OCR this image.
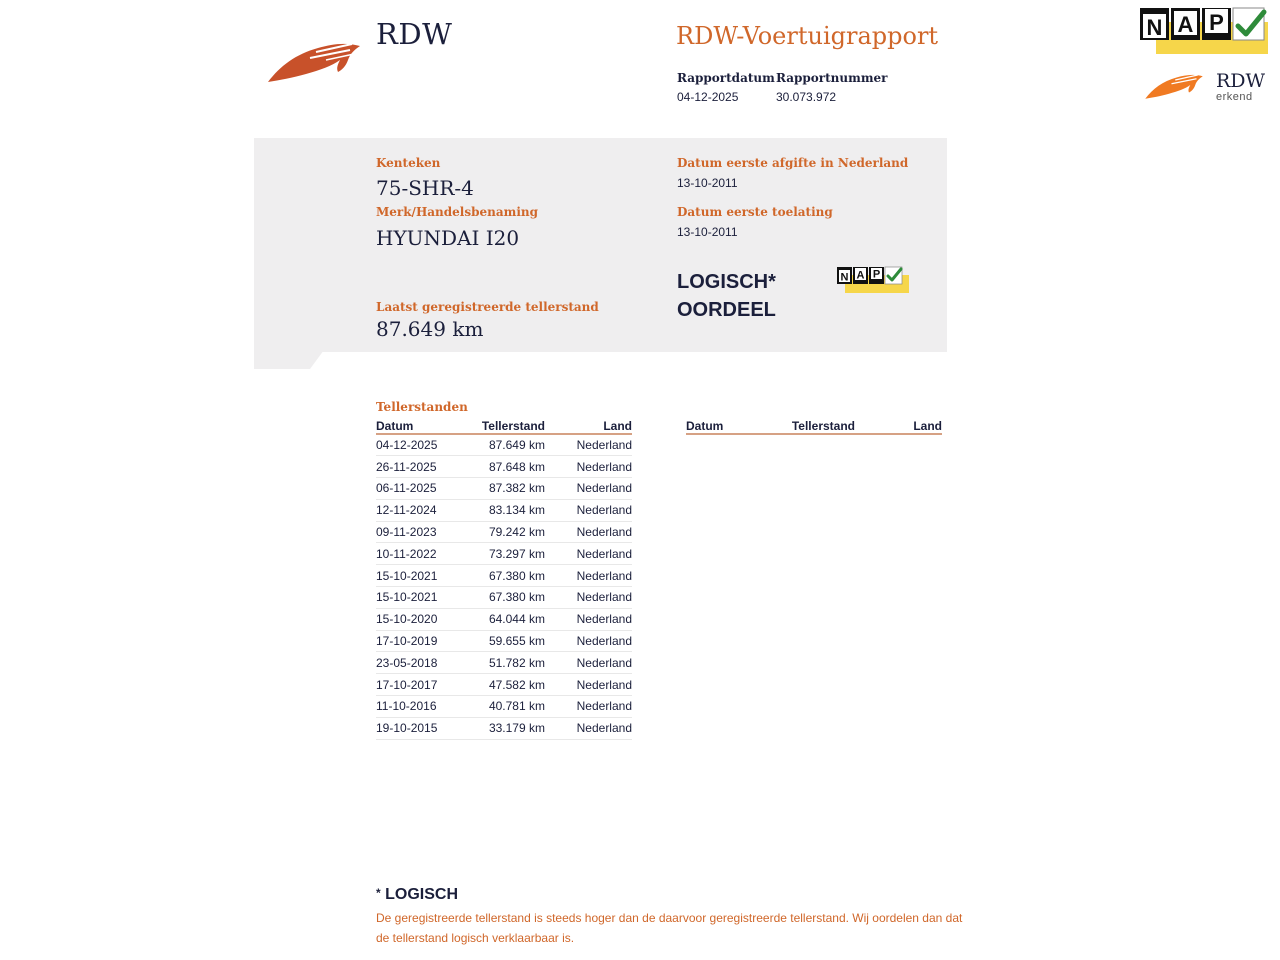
RDW	RDW-Voertuigrapport
Rapportdatum
04-12-2025
Rapportnummer
30.073.972
N A P
RDW
erkend
Kenteken
75-SHR-4
Merk/Handelsbenaming
HYUNDAI I20
Laatst geregistreerde tellerstand
87.649 km
Datum eerste afgifte in Nederland
13-10-2011
Datum eerste toelating
13-10-2011
LOGISCH*
OORDEEL
N A P
Tellerstanden
Datum	Tellerstand	Land
04-12-2025	87.649 km	Nederland
26-11-2025	87.648 km	Nederland
06-11-2025	87.382 km	Nederland
12-11-2024	83.134 km	Nederland
09-11-2023	79.242 km	Nederland
10-11-2022	73.297 km	Nederland
15-10-2021	67.380 km	Nederland
15-10-2021	67.380 km	Nederland
15-10-2020	64.044 km	Nederland
17-10-2019	59.655 km	Nederland
23-05-2018	51.782 km	Nederland
17-10-2017	47.582 km	Nederland
11-10-2016	40.781 km	Nederland
19-10-2015	33.179 km	Nederland
Datum	Tellerstand	Land
* LOGISCH
De geregistreerde tellerstand is steeds hoger dan de daarvoor geregistreerde tellerstand. Wij oordelen dan dat de tellerstand logisch verklaarbaar is.
